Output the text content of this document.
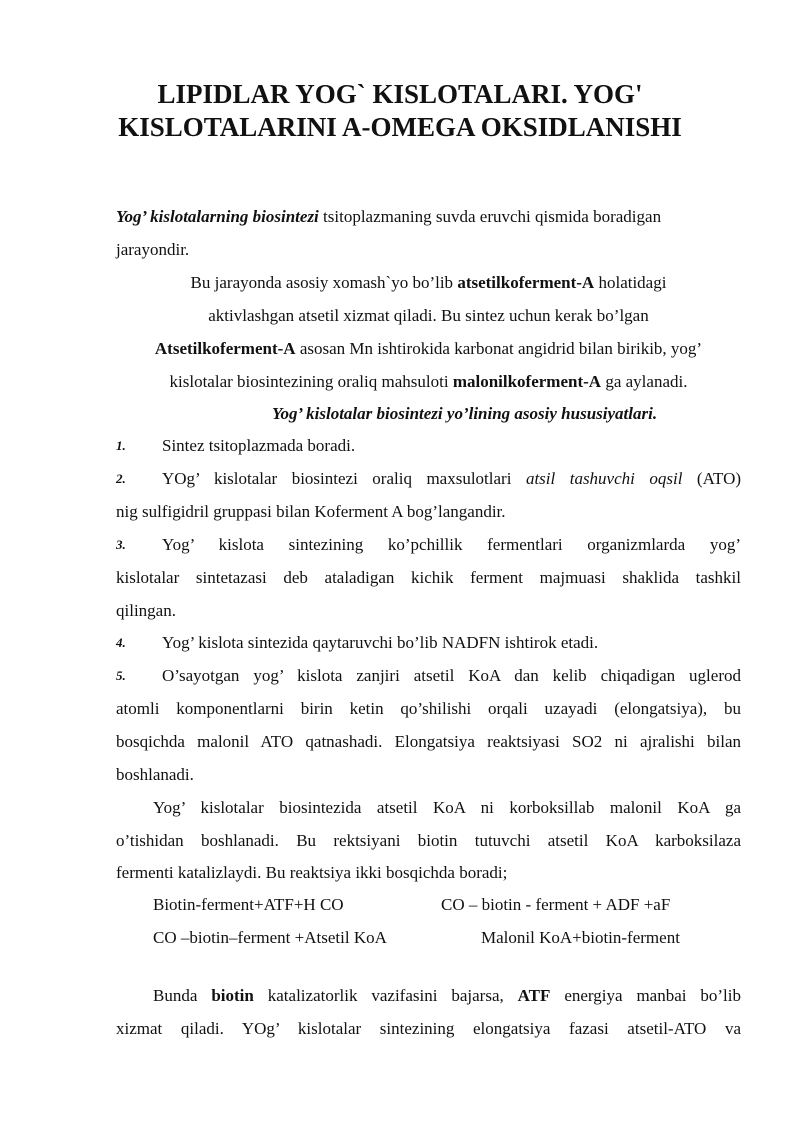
LIPIDLAR YOG` KISLOTALARI. YOG'
KISLOTALARINI A-OMEGA OKSIDLANISHI
Yog’ kislotalarning biosintezi tsitoplazmaning suvda eruvchi qismida boradigan
jarayondir.
Bu jarayonda asosiy xomash`yo bo’lib atsetilkoferment-A holatidagi
aktivlashgan atsetil xizmat qiladi. Bu sintez uchun kerak bo’lgan
Atsetilkoferment-A asosan Mn ishtirokida karbonat angidrid bilan birikib, yog’
kislotalar biosintezining oraliq mahsuloti malonilkoferment-A ga aylanadi.
Yog’ kislotalar biosintezi yo’lining asosiy hususiyatlari.
1. Sintez tsitoplazmada boradi.
2. YOg’ kislotalar biosintezi oraliq maxsulotlari atsil tashuvchi oqsil (ATO)
nig sulfigidril gruppasi bilan Koferment A bog’langandir.
3. Yog’ kislota sintezining ko’pchillik fermentlari organizmlarda yog’
kislotalar sintetazasi deb ataladigan kichik ferment majmuasi shaklida tashkil
qilingan.
4. Yog’ kislota sintezida qaytaruvchi bo’lib NADFN ishtirok etadi.
5. O’sayotgan yog’ kislota zanjiri atsetil KoA dan kelib chiqadigan uglerod
atomli komponentlarni birin ketin qo’shilishi orqali uzayadi (elongatsiya), bu
bosqichda malonil ATO qatnashadi. Elongatsiya reaktsiyasi SO2 ni ajralishi bilan
boshlanadi.
Yog’ kislotalar biosintezida atsetil KoA ni korboksillab malonil KoA ga
o’tishidan boshlanadi. Bu rektsiyani biotin tutuvchi atsetil KoA karboksilaza
fermenti katalizlaydi. Bu reaktsiya ikki bosqichda boradi;
Biotin-ferment+ATF+H CO	CO – biotin - ferment + ADF +aF
CO –biotin–ferment +Atsetil KoA	Malonil KoA+biotin-ferment
Bunda biotin katalizatorlik vazifasini bajarsa, ATF energiya manbai bo’lib
xizmat qiladi. YOg’ kislotalar sintezining elongatsiya fazasi atsetil-ATO va
